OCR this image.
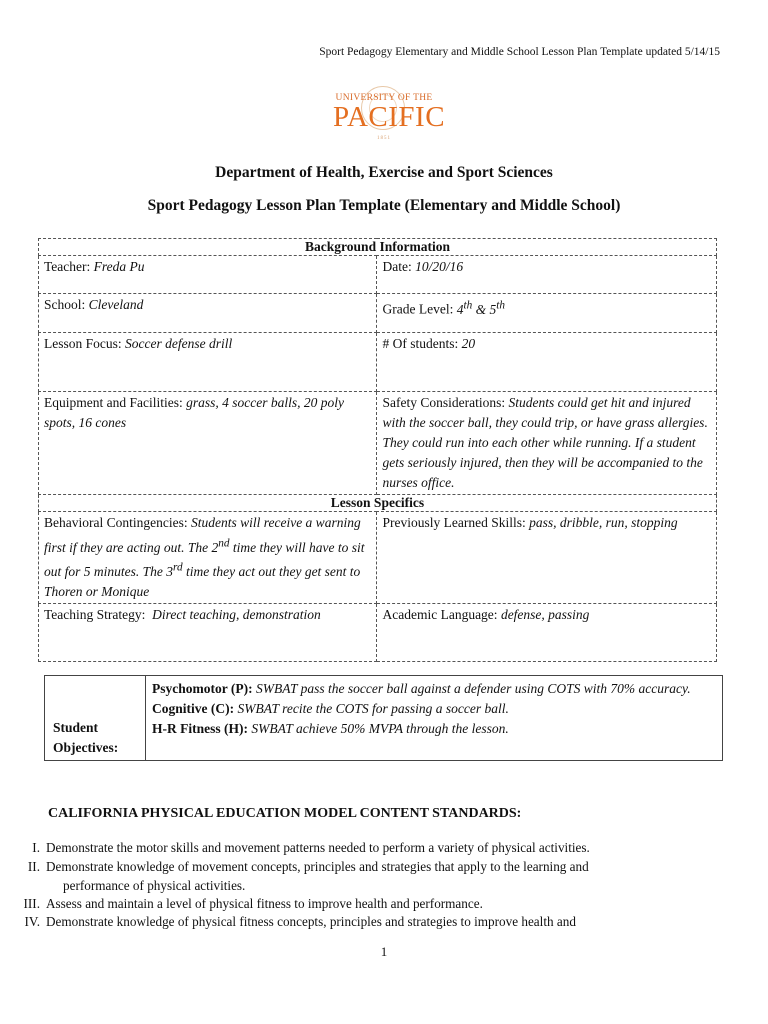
Sport Pedagogy Elementary and Middle School Lesson Plan Template updated 5/14/15
UNIVERSITY OF THE
PACIFIC
1851
Department of Health, Exercise and Sport Sciences
Sport Pedagogy Lesson Plan Template (Elementary and Middle School)
Background Information	
Teacher: Freda Pu	Date: 10/20/16
School: Cleveland	Grade Level: 4th & 5th
Lesson Focus: Soccer defense drill	# Of students: 20
Equipment and Facilities: grass, 4 soccer balls, 20 poly spots, 16 cones	Safety Considerations: Students could get hit and injured with the soccer ball, they could trip, or have grass allergies. They could run into each other while running. If a student gets seriously injured, then they will be accompanied to the nurses office.
Lesson Specifics	
Behavioral Contingencies: Students will receive a warning first if they are acting out. The 2nd time they will have to sit out for 5 minutes. The 3rd time they act out they get sent to Thoren or Monique	Previously Learned Skills: pass, dribble, run, stopping
Teaching Strategy: Direct teaching, demonstration	Academic Language: defense, passing
Student
Objectives:	
Psychomotor (P): SWBAT pass the soccer ball against a defender using COTS with 70% accuracy.
Cognitive (C): SWBAT recite the COTS for passing a soccer ball.
H-R Fitness (H): SWBAT achieve 50% MVPA through the lesson.
CALIFORNIA PHYSICAL EDUCATION MODEL CONTENT STANDARDS:
I. Demonstrate the motor skills and movement patterns needed to perform a variety of physical activities.
II. Demonstrate knowledge of movement concepts, principles and strategies that apply to the learning and
performance of physical activities.
III. Assess and maintain a level of physical fitness to improve health and performance.
IV. Demonstrate knowledge of physical fitness concepts, principles and strategies to improve health and
1
